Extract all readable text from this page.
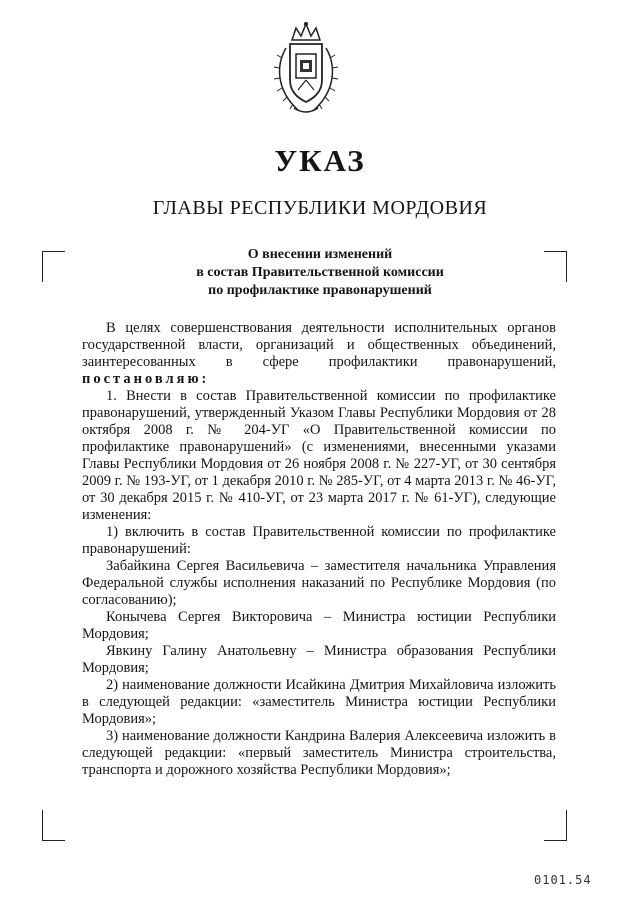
УКАЗ
ГЛАВЫ РЕСПУБЛИКИ МОРДОВИЯ
О внесении изменений
в состав Правительственной комиссии
по профилактике правонарушений

В целях совершенствования деятельности исполнительных органов государственной власти, организаций и общественных объединений, заинтересованных в сфере профилактики правонарушений, постановляю:

1. Внести в состав Правительственной комиссии по профилактике правонарушений, утвержденный Указом Главы Республики Мордовия от 28 октября 2008 г. № 204-УГ «О Правительственной комиссии по профилактике правонарушений» (с изменениями, внесенными указами Главы Республики Мордовия от 26 ноября 2008 г. № 227-УГ, от 30 сентября 2009 г. № 193-УГ, от 1 декабря 2010 г. № 285-УГ, от 4 марта 2013 г. № 46-УГ, от 30 декабря 2015 г. № 410-УГ, от 23 марта 2017 г. № 61-УГ), следующие изменения:

1) включить в состав Правительственной комиссии по профилактике правонарушений:

Забайкина Сергея Васильевича – заместителя начальника Управления Федеральной службы исполнения наказаний по Республике Мордовия (по согласованию);

Конычева Сергея Викторовича – Министра юстиции Республики Мордовия;

Явкину Галину Анатольевну – Министра образования Республики Мордовия;

2) наименование должности Исайкина Дмитрия Михайловича изложить в следующей редакции: «заместитель Министра юстиции Республики Мордовия»;

3) наименование должности Кандрина Валерия Алексеевича изложить в следующей редакции: «первый заместитель Министра строительства, транспорта и дорожного хозяйства Республики Мордовия»;

0101.54
